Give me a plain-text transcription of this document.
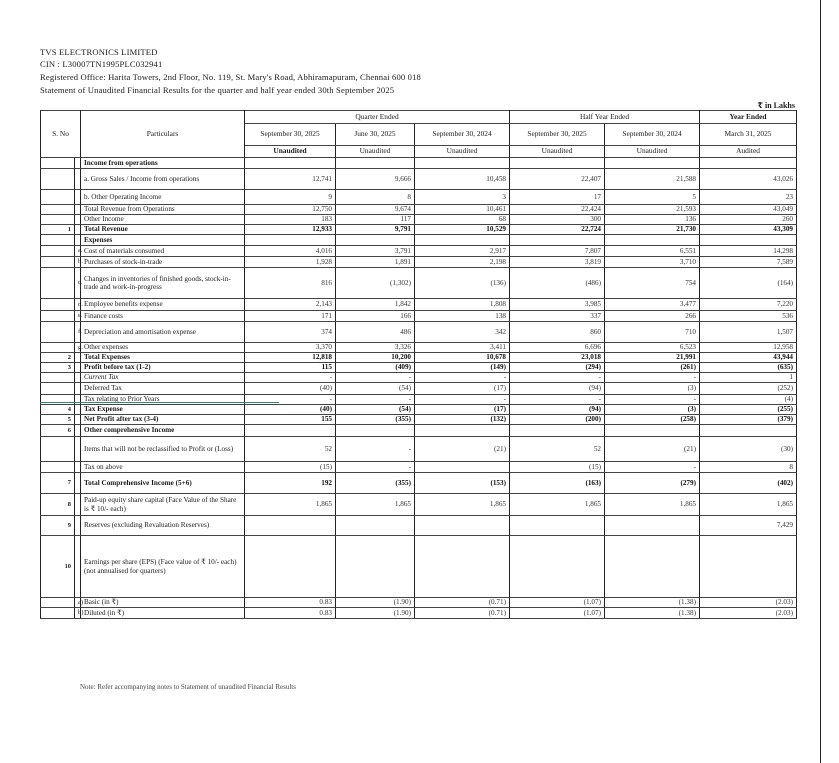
TVS ELECTRONICS LIMITED
CIN : L30007TN1995PLC032941
Registered Office: Harita Towers, 2nd Floor, No. 119, St. Mary's Road, Abhiramapuram, Chennai 600 018
Statement of Unaudited Financial Results for the quarter and half year ended 30th September 2025
₹ in Lakhs
S. No		Particulars	Quarter Ended			Half Year Ended		Year Ended
			September 30, 2025	June 30, 2025	September 30, 2024	September 30, 2025	September 30, 2024	March 31, 2025
			Unaudited	Unaudited	Unaudited	Unaudited	Unaudited	Audited
		Income from operations						
		a. Gross Sales / Income from operations	12,741	9,666	10,458	22,407	21,588	43,026
		b. Other Operating Income	9	8	3	17	5	23
		Total Revenue from Operations	12,750	9,674	10,461	22,424	21,593	43,049
		Other Income	183	117	68	300	136	260
1		Total Revenue	12,933	9,791	10,529	22,724	21,730	43,309
		Expenses						
	a.	Cost of materials consumed	4,016	3,791	2,917	7,807	6,551	14,298
	b.	Purchases of stock-in-trade	1,928	1,891	2,198	3,819	3,710	7,589
	c.	Changes in inventories of finished goods, stock-in-trade and work-in-progress	816	(1,302)	(136)	(486)	754	(164)
	d.	Employee benefits expense	2,143	1,842	1,808	3,985	3,477	7,220
	e.	Finance costs	171	166	138	337	266	536
	f.	Depreciation and amortisation expense	374	486	342	860	710	1,507
	g.	Other expenses	3,370	3,326	3,411	6,696	6,523	12,958
2		Total Expenses	12,818	10,200	10,678	23,018	21,991	43,944
3		Profit before tax (1-2)	115	(409)	(149)	(294)	(261)	(635)
		Current Tax	-	-	-	-	-	1
		Deferred Tax	(40)	(54)	(17)	(94)	(3)	(252)
		Tax relating to Prior Years	-	-	-	-	-	(4)
4		Tax Expense	(40)	(54)	(17)	(94)	(3)	(255)
5		Net Profit after tax (3-4)	155	(355)	(132)	(200)	(258)	(379)
6		Other comprehensive Income						
		Items that will not be reclassified to Profit or (Loss)	52	-	(21)	52	(21)	(30)
		Tax on above	(15)	-		(15)	-	8
7		Total Comprehensive Income (5+6)	192	(355)	(153)	(163)	(279)	(402)
8		Paid-up equity share capital (Face Value of the Share is ₹ 10/- each)	1,865	1,865	1,865	1,865	1,865	1,865
9		Reserves (excluding Revaluation Reserves)						7,429
10		Earnings per share (EPS) (Face value of ₹ 10/- each) (not annualised for quarters)						
	a)	Basic (in ₹)	0.83	(1.90)	(0.71)	(1.07)	(1.38)	(2.03)
	b)	Diluted (in ₹)	0.83	(1.90)	(0.71)	(1.07)	(1.38)	(2.03)
Note: Refer accompanying notes to Statement of unaudited Financial Results
